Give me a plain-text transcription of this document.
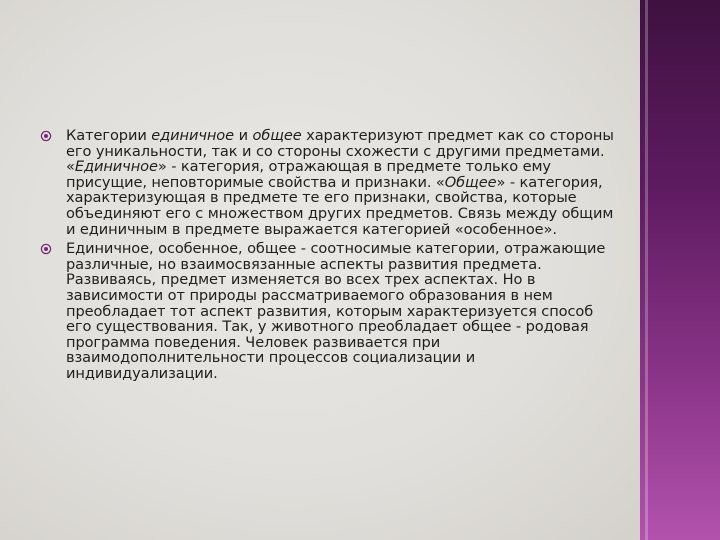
Категории единичное и общее характеризуют предмет как со стороны его уникальности, так и со стороны схожести с другими предметами. «Единичное» - категория, отражающая в предмете только ему присущие, неповторимые свойства и признаки. «Общее» - категория, характеризующая в предмете те его признаки, свойства, которые объединяют его с множеством других предметов. Связь между общим и единичным в предмете выражается категорией «особенное».
Единичное, особенное, общее - соотносимые категории, отражающие различные, но взаимосвязанные аспекты развития предмета. Развиваясь, предмет изменяется во всех трех аспектах. Но в зависимости от природы рассматриваемого образования в нем преобладает тот аспект развития, которым характеризуется способ его существования. Так, у животного преобладает общее - родовая программа поведения. Человек развивается при взаимодополнительности процессов социализации и индивидуализации.
